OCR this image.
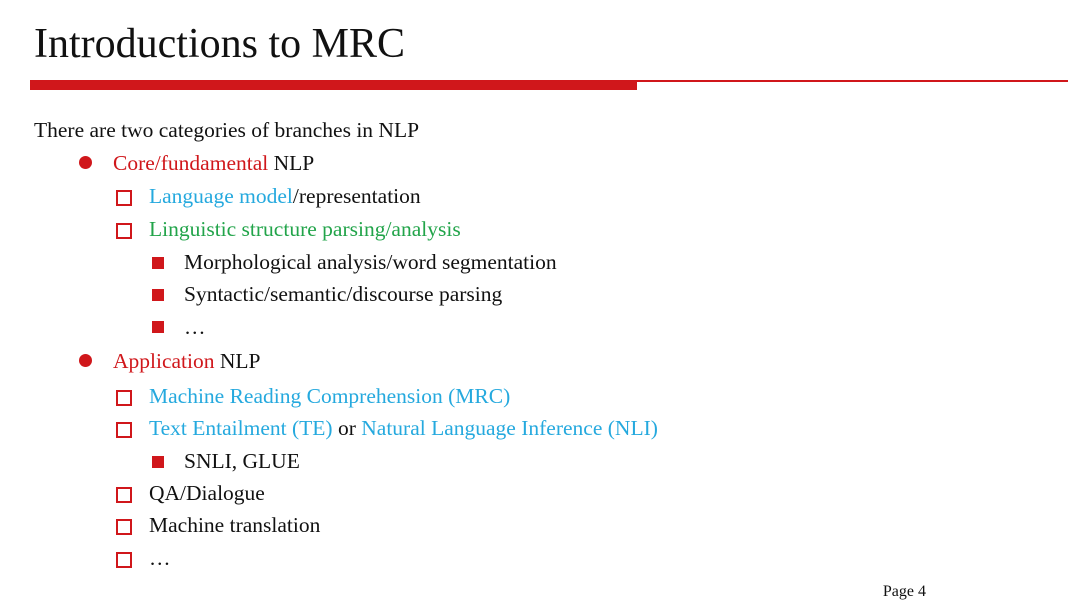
Introductions to MRC
There are two categories of branches in NLP
Core/fundamental NLP
Language model/representation
Linguistic structure parsing/analysis
Morphological analysis/word segmentation
Syntactic/semantic/discourse parsing
…
Application NLP
Machine Reading Comprehension (MRC)
Text Entailment (TE) or Natural Language Inference (NLI)
SNLI, GLUE
QA/Dialogue
Machine translation
…
Page 4
